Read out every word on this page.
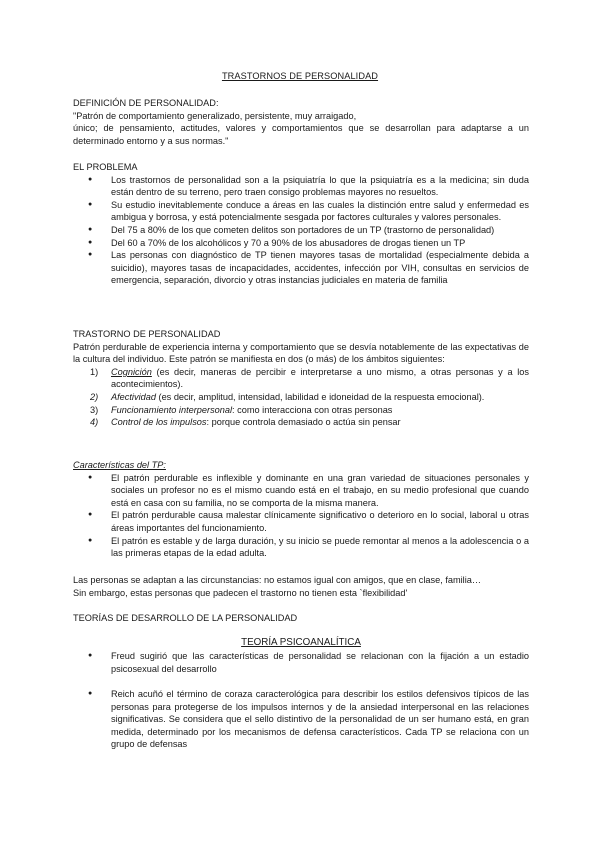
TRASTORNOS DE PERSONALIDAD

DEFINICIÓN DE PERSONALIDAD:

"Patrón de comportamiento generalizado, persistente, muy arraigado,

único; de pensamiento, actitudes, valores y comportamientos que se desarrollan para adaptarse a un determinado entorno y a sus normas."

EL PROBLEMA

● Los trastornos de personalidad son a la psiquiatría lo que la psiquiatría es a la medicina; sin duda están dentro de su terreno, pero traen consigo problemas mayores no resueltos.
● Su estudio inevitablemente conduce a áreas en las cuales la distinción entre salud y enfermedad es ambigua y borrosa, y está potencialmente sesgada por factores culturales y valores personales.
● Del 75 a 80% de los que cometen delitos son portadores de un TP (trastorno de personalidad)
● Del 60 a 70% de los alcohólicos y 70 a 90% de los abusadores de drogas tienen un TP
● Las personas con diagnóstico de TP tienen mayores tasas de mortalidad (especialmente debida a suicidio), mayores tasas de incapacidades, accidentes, infección por VIH, consultas en servicios de emergencia, separación, divorcio y otras instancias judiciales en materia de familia

TRASTORNO DE PERSONALIDAD

Patrón perdurable de experiencia interna y comportamiento que se desvía notablemente de las expectativas de la cultura del individuo. Este patrón se manifiesta en dos (o más) de los ámbitos siguientes:

1) Cognición (es decir, maneras de percibir e interpretarse a uno mismo, a otras personas y a los acontecimientos).
2) Afectividad (es decir, amplitud, intensidad, labilidad e idoneidad de la respuesta emocional).
3) Funcionamiento interpersonal: como interacciona con otras personas
4) Control de los impulsos: porque controla demasiado o actúa sin pensar

Características del TP:

● El patrón perdurable es inflexible y dominante en una gran variedad de situaciones personales y sociales un profesor no es el mismo cuando está en el trabajo, en su medio profesional que cuando está en casa con su familia, no se comporta de la misma manera.
● El patrón perdurable causa malestar clínicamente significativo o deterioro en lo social, laboral u otras áreas importantes del funcionamiento.
● El patrón es estable y de larga duración, y su inicio se puede remontar al menos a la adolescencia o a las primeras etapas de la edad adulta.

Las personas se adaptan a las circunstancias: no estamos igual con amigos, que en clase, familia…

Sin embargo, estas personas que padecen el trastorno no tienen esta `flexibilidad'

TEORÍAS DE DESARROLLO DE LA PERSONALIDAD

TEORÍA PSICOANALÍTICA

● Freud sugirió que las características de personalidad se relacionan con la fijación a un estadio psicosexual del desarrollo
● Reich acuñó el término de coraza caracterológica para describir los estilos defensivos típicos de las personas para protegerse de los impulsos internos y de la ansiedad interpersonal en las relaciones significativas. Se considera que el sello distintivo de la personalidad de un ser humano está, en gran medida, determinado por los mecanismos de defensa característicos. Cada TP se relaciona con un grupo de defensas
